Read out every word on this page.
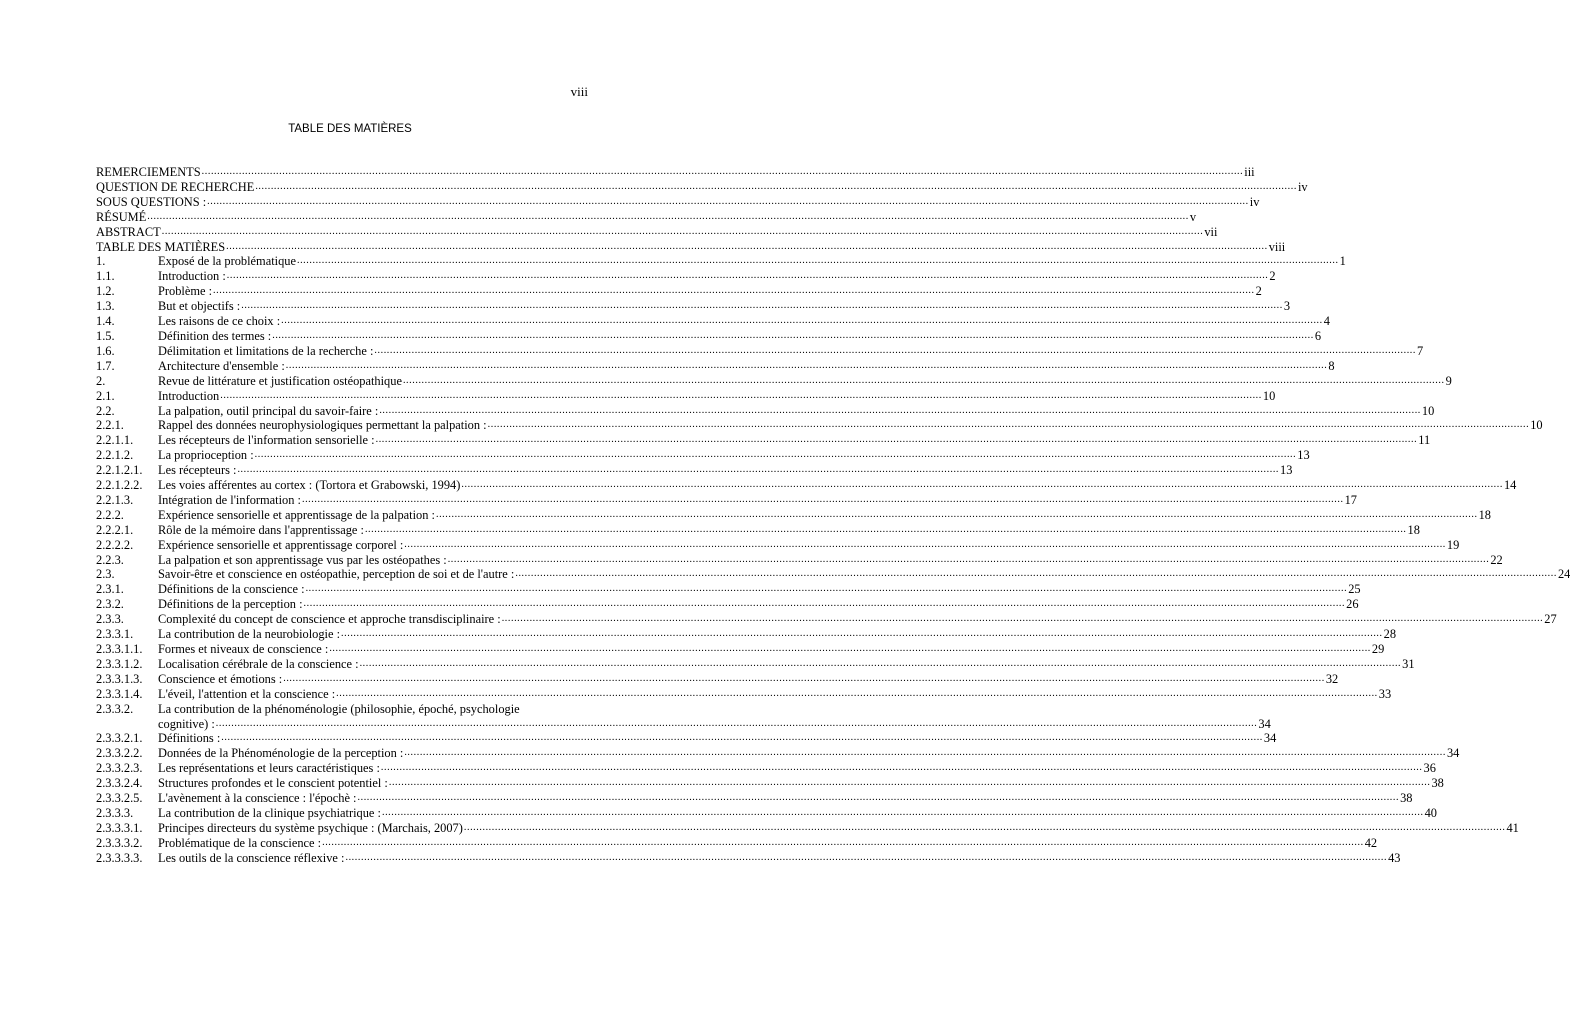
viii
TABLE DES MATIÈRES
REMERCIEMENTS .....	iii
QUESTION DE RECHERCHE .....	iv
SOUS QUESTIONS : .....	iv
RÉSUMÉ .....	v
ABSTRACT .....	vii
TABLE DES MATIÈRES .....	viii
1.	Exposé de la problématique .....	1
1.1.	Introduction : .....	2
1.2.	Problème : .....	2
1.3.	But et objectifs : .....	3
1.4.	Les raisons de ce choix : .....	4
1.5.	Définition des termes : .....	6
1.6.	Délimitation et limitations de la recherche : .....	7
1.7.	Architecture d'ensemble : .....	8
2.	Revue de littérature et justification ostéopathique .....	9
2.1.	Introduction .....	10
2.2.	La palpation, outil principal du savoir-faire : .....	10
2.2.1.	Rappel des données neurophysiologiques permettant la palpation : .....	10
2.2.1.1.	Les récepteurs de l'information sensorielle : .....	11
2.2.1.2.	La proprioception : .....	13
2.2.1.2.1.	Les récepteurs : .....	13
2.2.1.2.2.	Les voies afférentes au cortex : (Tortora et Grabowski, 1994) .....	14
2.2.1.3.	Intégration de l'information : .....	17
2.2.2.	Expérience sensorielle et apprentissage de la palpation : .....	18
2.2.2.1.	Rôle de la mémoire dans l'apprentissage : .....	18
2.2.2.2.	Expérience sensorielle et apprentissage corporel : .....	19
2.2.3.	La palpation et son apprentissage vus par les ostéopathes : .....	22
2.3.	Savoir-être et conscience en ostéopathie, perception de soi et de l'autre : .....	24
2.3.1.	Définitions de la conscience : .....	25
2.3.2.	Définitions de la perception : .....	26
2.3.3.	Complexité du concept de conscience et approche transdisciplinaire : .....	27
2.3.3.1.	La contribution de la neurobiologie : .....	28
2.3.3.1.1.	Formes et niveaux de conscience : .....	29
2.3.3.1.2.	Localisation cérébrale de la conscience : .....	31
2.3.3.1.3.	Conscience et émotions : .....	32
2.3.3.1.4.	L'éveil, l'attention et la conscience : .....	33
2.3.3.2.	La contribution de la phénoménologie (philosophie, époché, psychologie
cognitive) : .....	34
2.3.3.2.1.	Définitions : .....	34
2.3.3.2.2.	Données de la Phénoménologie de la perception : .....	34
2.3.3.2.3.	Les représentations et leurs caractéristiques : .....	36
2.3.3.2.4.	Structures profondes et le conscient potentiel : .....	38
2.3.3.2.5.	L'avènement à la conscience : l'épochè : .....	38
2.3.3.3.	La contribution de la clinique psychiatrique : .....	40
2.3.3.3.1.	Principes directeurs du système psychique : (Marchais, 2007) .....	41
2.3.3.3.2.	Problématique de la conscience : .....	42
2.3.3.3.3.	Les outils de la conscience réflexive : .....	43
